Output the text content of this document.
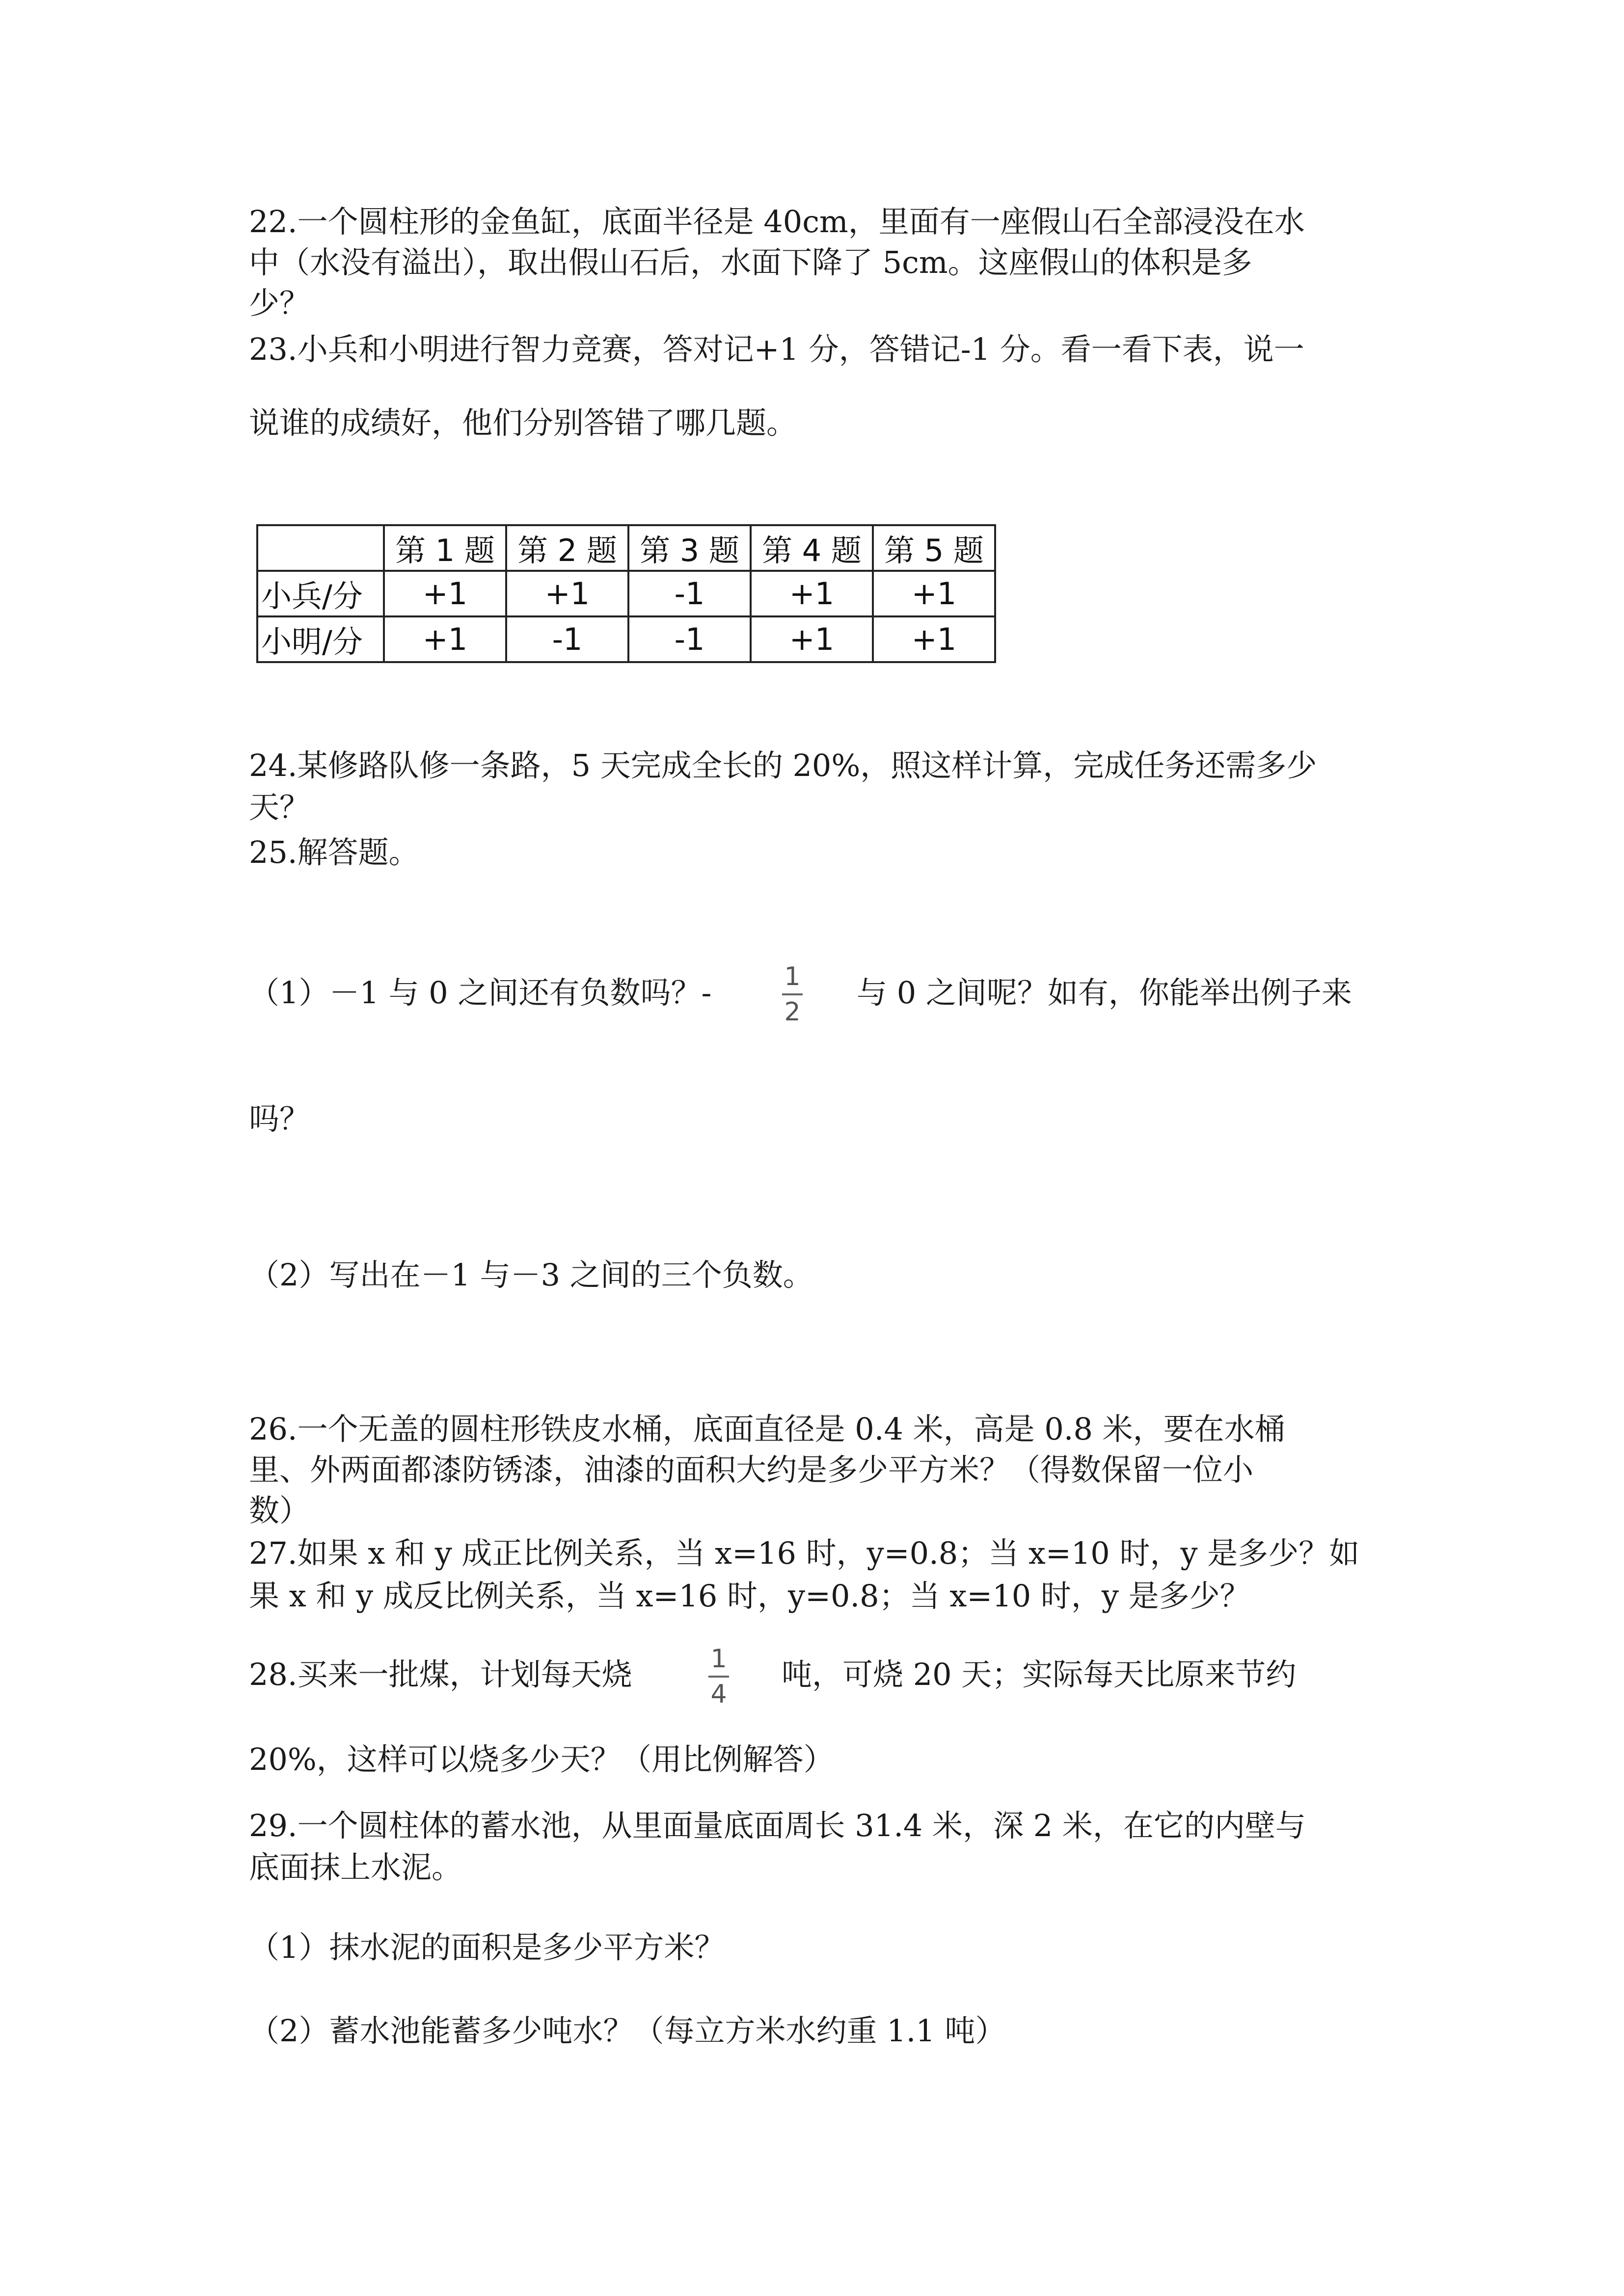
22.一个圆柱形的金鱼缸，底面半径是 40cm，里面有一座假山石全部浸没在水

中（水没有溢出），取出假山石后，水面下降了 5cm。这座假山的体积是多

少？

23.小兵和小明进行智力竞赛，答对记+1 分，答错记-1 分。看一看下表，说一

说谁的成绩好，他们分别答错了哪几题。

	第 1 题	第 2 题	第 3 题	第 4 题	第 5 题
小兵/分	+1	+1	-1	+1	+1
小明/分	+1	-1	-1	+1	+1

24.某修路队修一条路，5 天完成全长的 20%，照这样计算，完成任务还需多少

天？

25.解答题。

（1）－1 与 0 之间还有负数吗？-	1
2

与 0 之间呢？如有，你能举出例子来

吗？

（2）写出在－1 与－3 之间的三个负数。

26.一个无盖的圆柱形铁皮水桶，底面直径是 0.4 米，高是 0.8 米，要在水桶

里、外两面都漆防锈漆，油漆的面积大约是多少平方米？（得数保留一位小

数）

27.如果 x 和 y 成正比例关系，当 x=16 时，y=0.8；当 x=10 时，y 是多少？如

果 x 和 y 成反比例关系，当 x=16 时，y=0.8；当 x=10 时，y 是多少？

28.买来一批煤，计划每天烧	1
4

吨，可烧 20 天；实际每天比原来节约

20%，这样可以烧多少天？（用比例解答）

29.一个圆柱体的蓄水池，从里面量底面周长 31.4 米，深 2 米，在它的内壁与

底面抹上水泥。

（1）抹水泥的面积是多少平方米？

（2）蓄水池能蓄多少吨水？（每立方米水约重 1.1 吨）
